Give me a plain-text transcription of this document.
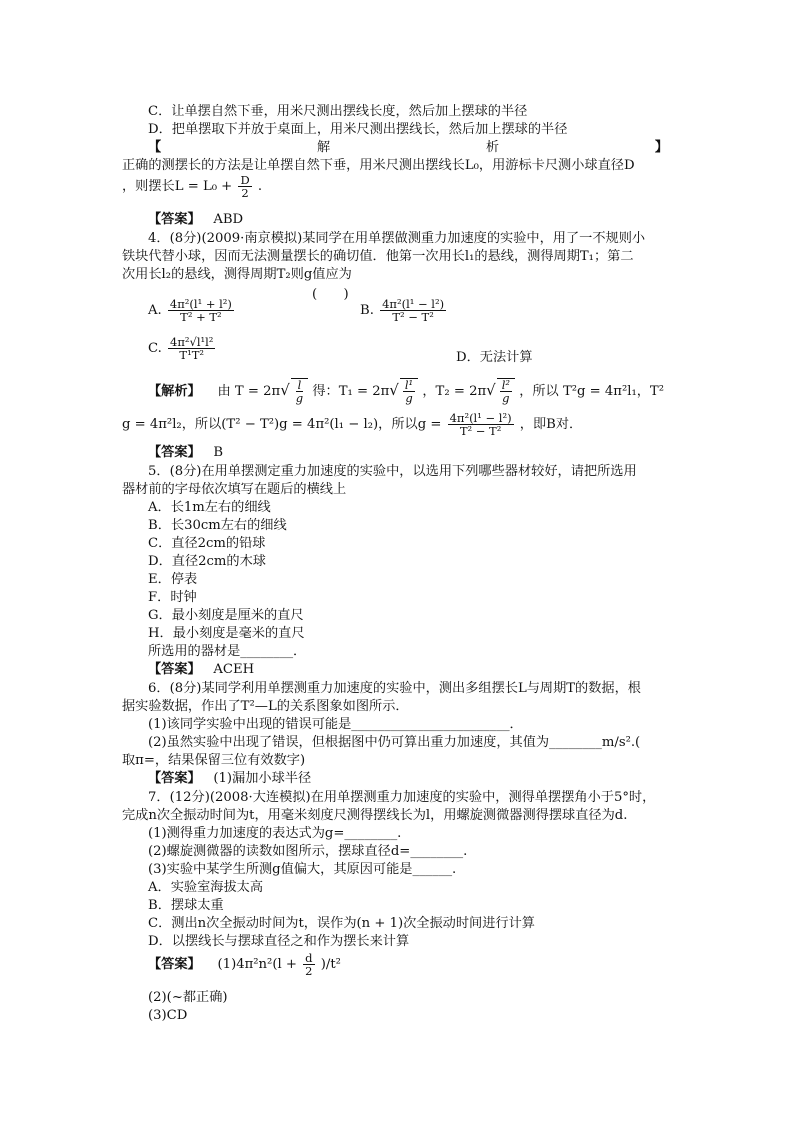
C．让单摆自然下垂，用米尺测出摆线长度，然后加上摆球的半径
D．把单摆取下并放于桌面上，用米尺测出摆线长，然后加上摆球的半径
【	解	析	】
正确的测摆长的方法是让单摆自然下垂，用米尺测出摆线长L₀，用游标卡尺测小球直径D
，则摆长$L = L_0 + \frac{D}{2}$ .
【答案】 ABD
4．(8分)(2009·南京模拟)某同学在用单摆做测重力加速度的实验中，用了一不规则小
铁块代替小球，因而无法测量摆长的确切值．他第一次用长l₁的悬线，测得周期T₁；第二
次用长l₂的悬线，测得周期T₂则g值应为
(　　)
A. $\frac{\text{4π²(l¹ + l²)}}{\text{T² + T²}}$	B. $\frac{\text{4π²(l¹ − l²)}}{\text{T² − T²}}$
C. $\frac{\text{4π²√l¹l²}}{\text{T¹T²}}$	D．无法计算
【解析】 由 $T = 2\pi√ \frac{l}{g}$ 得：$T_1 = 2\pi√ \frac{\text{l¹}}{g}$ ，$T_2 = 2\pi√ \frac{\text{l²}}{g}$ ，所以 T²g = 4π²l₁，T²
g = 4π²l₂，所以(T² − T²)g = 4π²(l₁ − l₂)，所以$g = \frac{\text{4π²(l¹ − l²)}}{\text{T² − T²}}$ ，即B对．
【答案】 B
5．(8分)在用单摆测定重力加速度的实验中，以选用下列哪些器材较好，请把所选用
器材前的字母依次填写在题后的横线上
A．长1m左右的细线
B．长30cm左右的细线
C．直径2cm的铅球
D．直径2cm的木球
E．停表
F．时钟
G．最小刻度是厘米的直尺
H．最小刻度是毫米的直尺
所选用的器材是________．
【答案】 ACEH
6．(8分)某同学利用单摆测重力加速度的实验中，测出多组摆长L与周期T的数据，根
据实验数据，作出了T²—L的关系图象如图所示．
(1)该同学实验中出现的错误可能是________________________．
(2)虽然实验中出现了错误，但根据图中仍可算出重力加速度，其值为________m/s².(
取π=，结果保留三位有效数字)
【答案】 (1)漏加小球半径
7．(12分)(2008·大连模拟)在用单摆测重力加速度的实验中，测得单摆摆角小于5°时，
完成n次全振动时间为t，用毫米刻度尺测得摆线长为l，用螺旋测微器测得摆球直径为d.
(1)测得重力加速度的表达式为g=________.
(2)螺旋测微器的读数如图所示，摆球直径d=________.
(3)实验中某学生所测g值偏大，其原因可能是______.
A．实验室海拔太高
B．摆球太重
C．测出n次全振动时间为t，误作为(n + 1)次全振动时间进行计算
D．以摆线长与摆球直径之和作为摆长来计算
【答案】 $(1)4\pi^2n^2(l + \frac{d}{2} )/t^2$
(2)(~都正确)
(3)CD
